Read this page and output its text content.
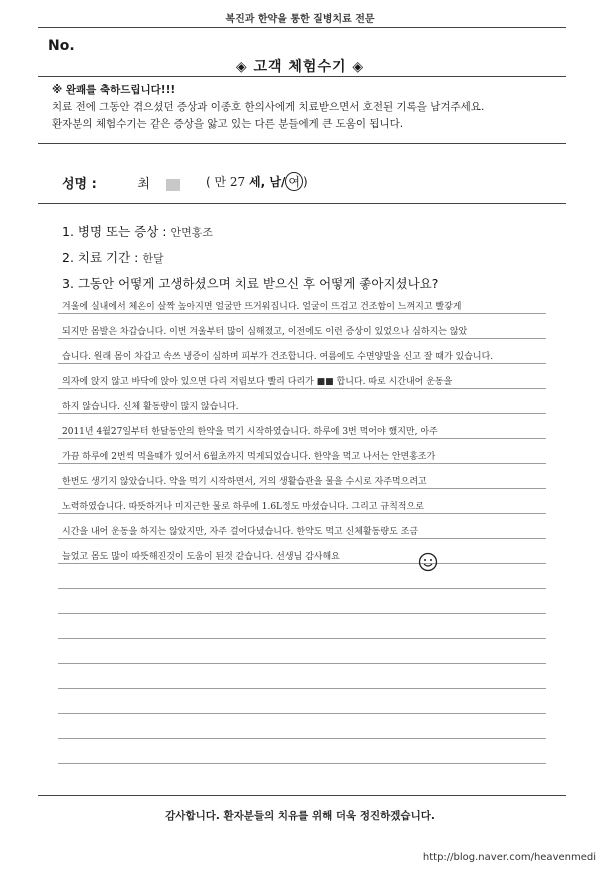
복진과 한약을 통한 질병치료 전문
No.
◈ 고객 체험수기 ◈
※ 완쾌를 축하드립니다!!!
치료 전에 그동안 겪으셨던 증상과 이종호 한의사에게 치료받으면서 호전된 기록을 남겨주세요.
환자분의 체험수기는 같은 증상을 앓고 있는 다른 분들에게 큰 도움이 됩니다.
성명 :	최	( 만 27 세, 남/ 여 )
1. 병명 또는 증상 : 안면홍조
2. 치료 기간 : 한달
3. 그동안 어떻게 고생하셨으며 치료 받으신 후 어떻게 좋아지셨나요?
겨울에 실내에서 체온이 살짝 높아지면 얼굴만 뜨거워집니다. 얼굴이 뜨겁고 건조함이 느껴지고 빨갛게
되지만 몸발은 차갑습니다. 이번 겨울부터 많이 심해졌고, 이전에도 이런 증상이 있었으나 심하지는 않았
습니다. 원래 몸이 차갑고 속쓰 냉증이 심하며 피부가 건조합니다. 여름에도 수면양말을 신고 잘 때가 있습니다.
의자에 앉지 않고 바닥에 앉아 있으면 다리 저림보다 빨리 다리가 ■■ 합니다. 따로 시간내어 운동을
하지 않습니다. 신체 활동량이 많지 않습니다.
2011년 4월27일부터 한달동안의 한약을 먹기 시작하였습니다. 하루에 3번 먹어야 했지만, 아주
가끔 하루에 2번씩 먹을때가 있어서 6월초까지 먹게되었습니다. 한약을 먹고 나서는 안면홍조가
한번도 생기지 않았습니다. 약을 먹기 시작하면서, 거의 생활습관을 물을 수시로 자주먹으려고
노력하였습니다. 따뜻하거나 미지근한 물로 하루에 1.6L정도 마셨습니다. 그리고 규칙적으로
시간을 내어 운동을 하지는 않았지만, 자주 걸어다녔습니다. 한약도 먹고 신체활동량도 조금
늘었고 몸도 많이 따뜻해진것이 도움이 된것 같습니다. 선생님 감사해요
감사합니다. 환자분들의 치유를 위해 더욱 정진하겠습니다.
http://blog.naver.com/heavenmedi
